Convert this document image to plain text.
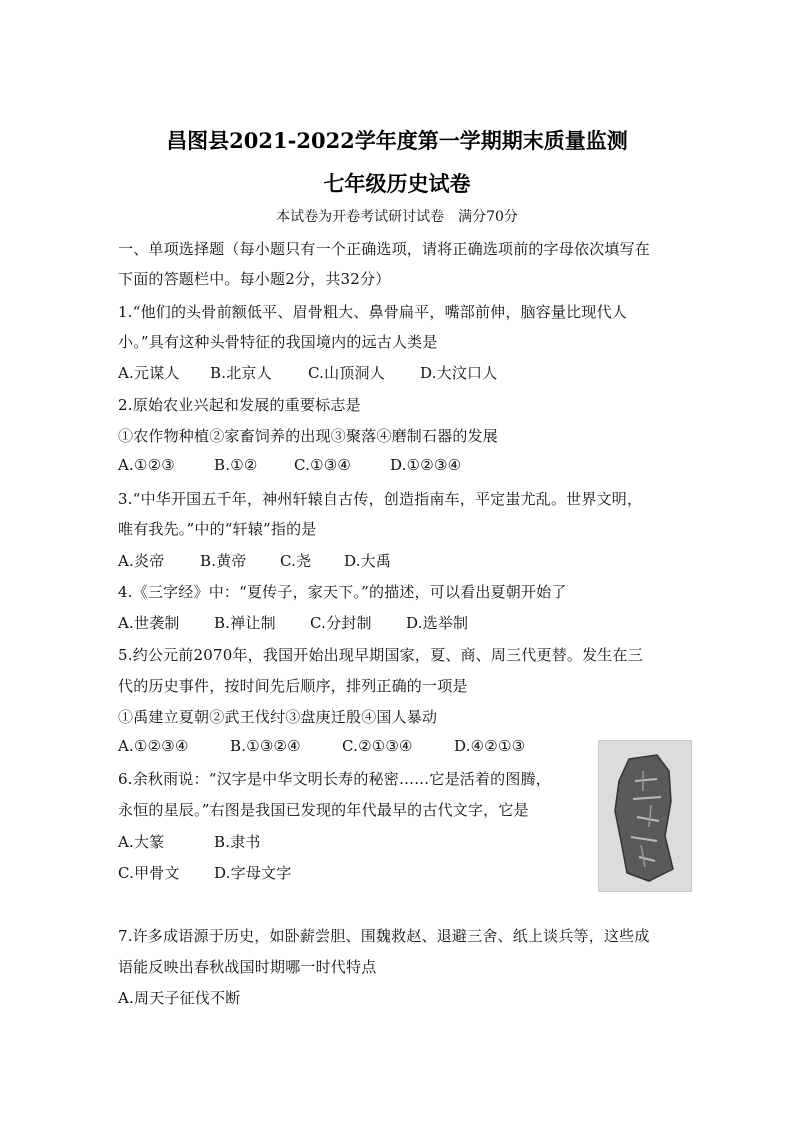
昌图县2021-2022学年度第一学期期末质量监测
七年级历史试卷
本试卷为开卷考试研讨试卷　满分70分
一、单项选择题（每小题只有一个正确选项，请将正确选项前的字母依次填写在
下面的答题栏中。每小题2分，共32分）
1.“他们的头骨前额低平、眉骨粗大、鼻骨扁平，嘴部前伸，脑容量比现代人
小。”具有这种头骨特征的我国境内的远古人类是
A.元谋人 B.北京人 C.山顶洞人 D.大汶口人
2.原始农业兴起和发展的重要标志是
①农作物种植②家畜饲养的出现③聚落④磨制石器的发展
A.①②③	B.①② C.①③④	D.①②③④
3.“中华开国五千年，神州轩辕自古传，创造指南车，平定蚩尤乱。世界文明，
唯有我先。”中的“轩辕”指的是
A.炎帝 B.黄帝 C.尧 D.大禹
4.《三字经》中：“夏传子，家天下。”的描述，可以看出夏朝开始了
A.世袭制 B.禅让制 C.分封制 D.选举制
5.约公元前2070年，我国开始出现早期国家，夏、商、周三代更替。发生在三
代的历史事件，按时间先后顺序，排列正确的一项是
①禹建立夏朝②武王伐纣③盘庚迁殷④国人暴动
A.①②③④	B.①③②④	C.②①③④	D.④②①③
6.余秋雨说：“汉字是中华文明长寿的秘密……它是活着的图腾，
永恒的星辰。”右图是我国已发现的年代最早的古代文字，它是
A.大篆	B.隶书
C.甲骨文 D.字母文字
7.许多成语源于历史，如卧薪尝胆、围魏救赵、退避三舍、纸上谈兵等，这些成
语能反映出春秋战国时期哪一时代特点
A.周天子征伐不断
